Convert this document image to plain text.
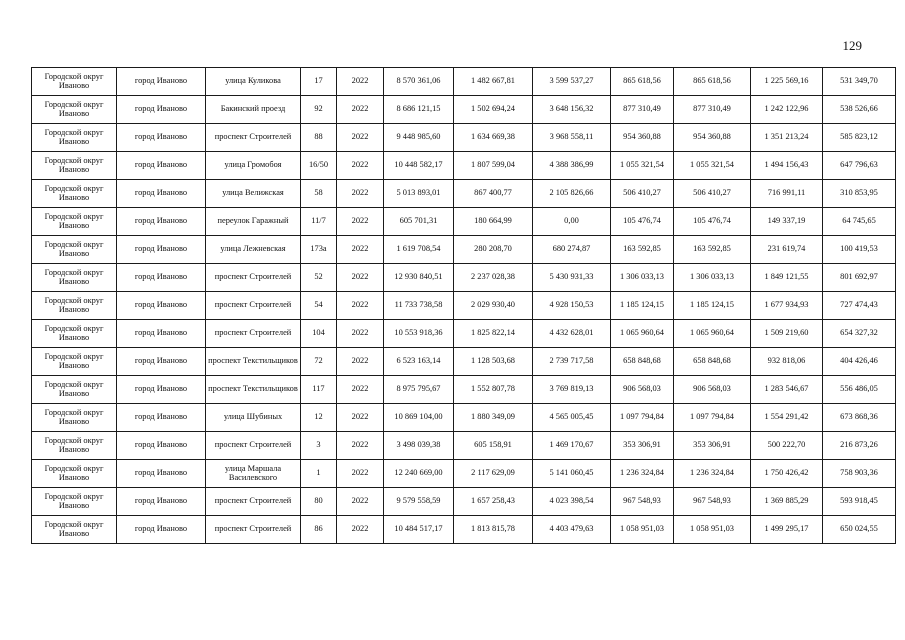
129
Городской округ Иваново	город Иваново	улица Куликова	17	2022	8 570 361,06	1 482 667,81	3 599 537,27	865 618,56	865 618,56	1 225 569,16	531 349,70
Городской округ Иваново	город Иваново	Бакинский проезд	92	2022	8 686 121,15	1 502 694,24	3 648 156,32	877 310,49	877 310,49	1 242 122,96	538 526,66
Городской округ Иваново	город Иваново	проспект Строителей	88	2022	9 448 985,60	1 634 669,38	3 968 558,11	954 360,88	954 360,88	1 351 213,24	585 823,12
Городской округ Иваново	город Иваново	улица Громобоя	16/50	2022	10 448 582,17	1 807 599,04	4 388 386,99	1 055 321,54	1 055 321,54	1 494 156,43	647 796,63
Городской округ Иваново	город Иваново	улица Велижская	58	2022	5 013 893,01	867 400,77	2 105 826,66	506 410,27	506 410,27	716 991,11	310 853,95
Городской округ Иваново	город Иваново	переулок Гаражный	11/7	2022	605 701,31	180 664,99	0,00	105 476,74	105 476,74	149 337,19	64 745,65
Городской округ Иваново	город Иваново	улица Лежневская	173а	2022	1 619 708,54	280 208,70	680 274,87	163 592,85	163 592,85	231 619,74	100 419,53
Городской округ Иваново	город Иваново	проспект Строителей	52	2022	12 930 840,51	2 237 028,38	5 430 931,33	1 306 033,13	1 306 033,13	1 849 121,55	801 692,97
Городской округ Иваново	город Иваново	проспект Строителей	54	2022	11 733 738,58	2 029 930,40	4 928 150,53	1 185 124,15	1 185 124,15	1 677 934,93	727 474,43
Городской округ Иваново	город Иваново	проспект Строителей	104	2022	10 553 918,36	1 825 822,14	4 432 628,01	1 065 960,64	1 065 960,64	1 509 219,60	654 327,32
Городской округ Иваново	город Иваново	проспект Текстильщиков	72	2022	6 523 163,14	1 128 503,68	2 739 717,58	658 848,68	658 848,68	932 818,06	404 426,46
Городской округ Иваново	город Иваново	проспект Текстильщиков	117	2022	8 975 795,67	1 552 807,78	3 769 819,13	906 568,03	906 568,03	1 283 546,67	556 486,05
Городской округ Иваново	город Иваново	улица Шубиных	12	2022	10 869 104,00	1 880 349,09	4 565 005,45	1 097 794,84	1 097 794,84	1 554 291,42	673 868,36
Городской округ Иваново	город Иваново	проспект Строителей	3	2022	3 498 039,38	605 158,91	1 469 170,67	353 306,91	353 306,91	500 222,70	216 873,26
Городской округ Иваново	город Иваново	улица Маршала Василевского	1	2022	12 240 669,00	2 117 629,09	5 141 060,45	1 236 324,84	1 236 324,84	1 750 426,42	758 903,36
Городской округ Иваново	город Иваново	проспект Строителей	80	2022	9 579 558,59	1 657 258,43	4 023 398,54	967 548,93	967 548,93	1 369 885,29	593 918,45
Городской округ Иваново	город Иваново	проспект Строителей	86	2022	10 484 517,17	1 813 815,78	4 403 479,63	1 058 951,03	1 058 951,03	1 499 295,17	650 024,55
